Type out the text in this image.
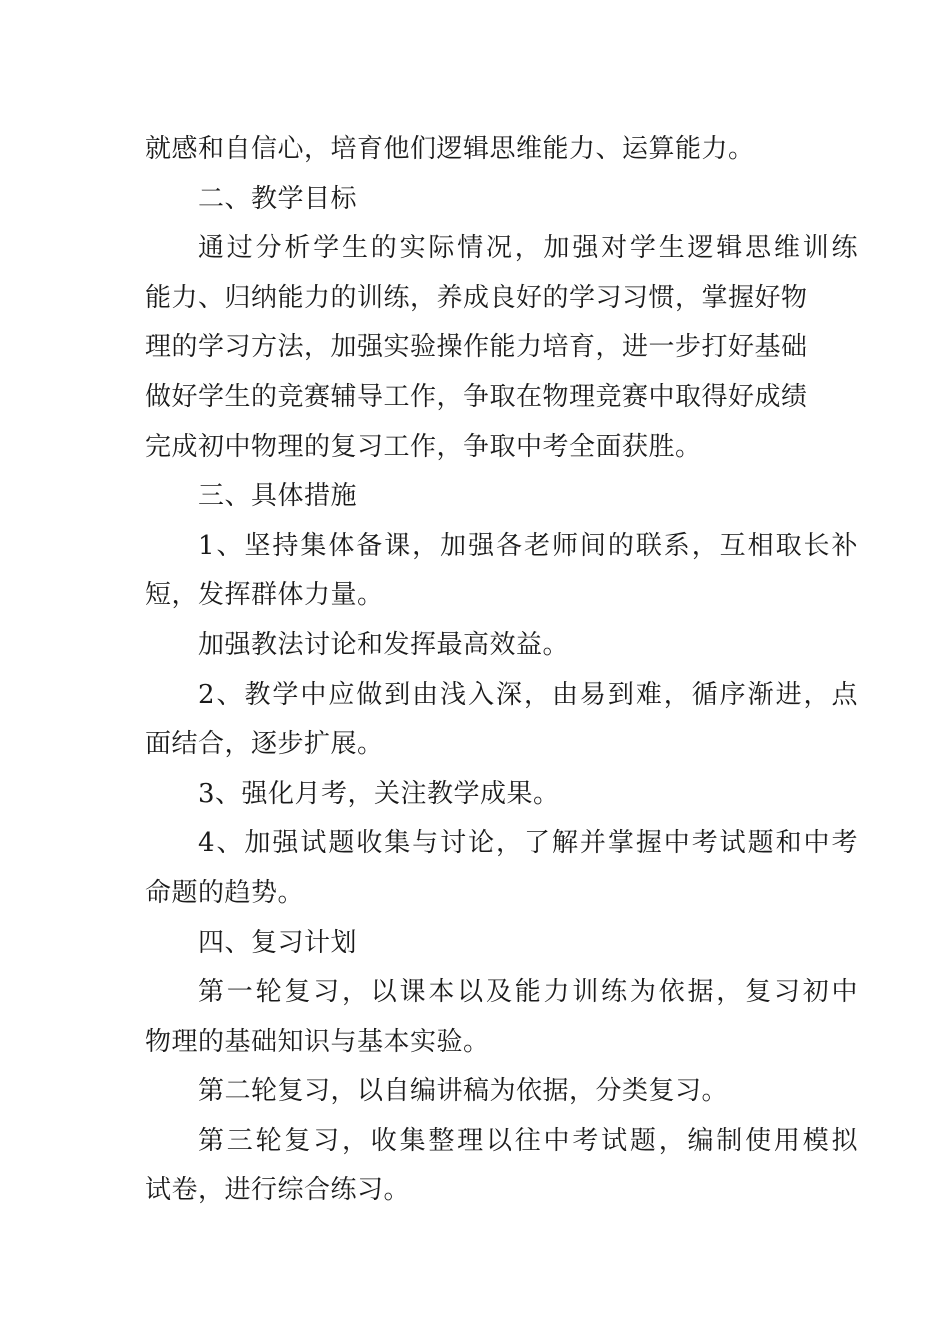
就感和自信心，培育他们逻辑思维能力、运算能力。
二、教学目标
通过分析学生的实际情况，加强对学生逻辑思维训练
能力、归纳能力的训练，养成良好的学习习惯，掌握好物
理的学习方法，加强实验操作能力培育，进一步打好基础
做好学生的竞赛辅导工作，争取在物理竞赛中取得好成绩
完成初中物理的复习工作，争取中考全面获胜。
三、具体措施
1、坚持集体备课，加强各老师间的联系，互相取长补
短，发挥群体力量。
加强教法讨论和发挥最高效益。
2、教学中应做到由浅入深，由易到难，循序渐进，点
面结合，逐步扩展。
3、强化月考，关注教学成果。
4、加强试题收集与讨论，了解并掌握中考试题和中考
命题的趋势。
四、复习计划
第一轮复习，以课本以及能力训练为依据，复习初中
物理的基础知识与基本实验。
第二轮复习，以自编讲稿为依据，分类复习。
第三轮复习，收集整理以往中考试题，编制使用模拟
试卷，进行综合练习。
